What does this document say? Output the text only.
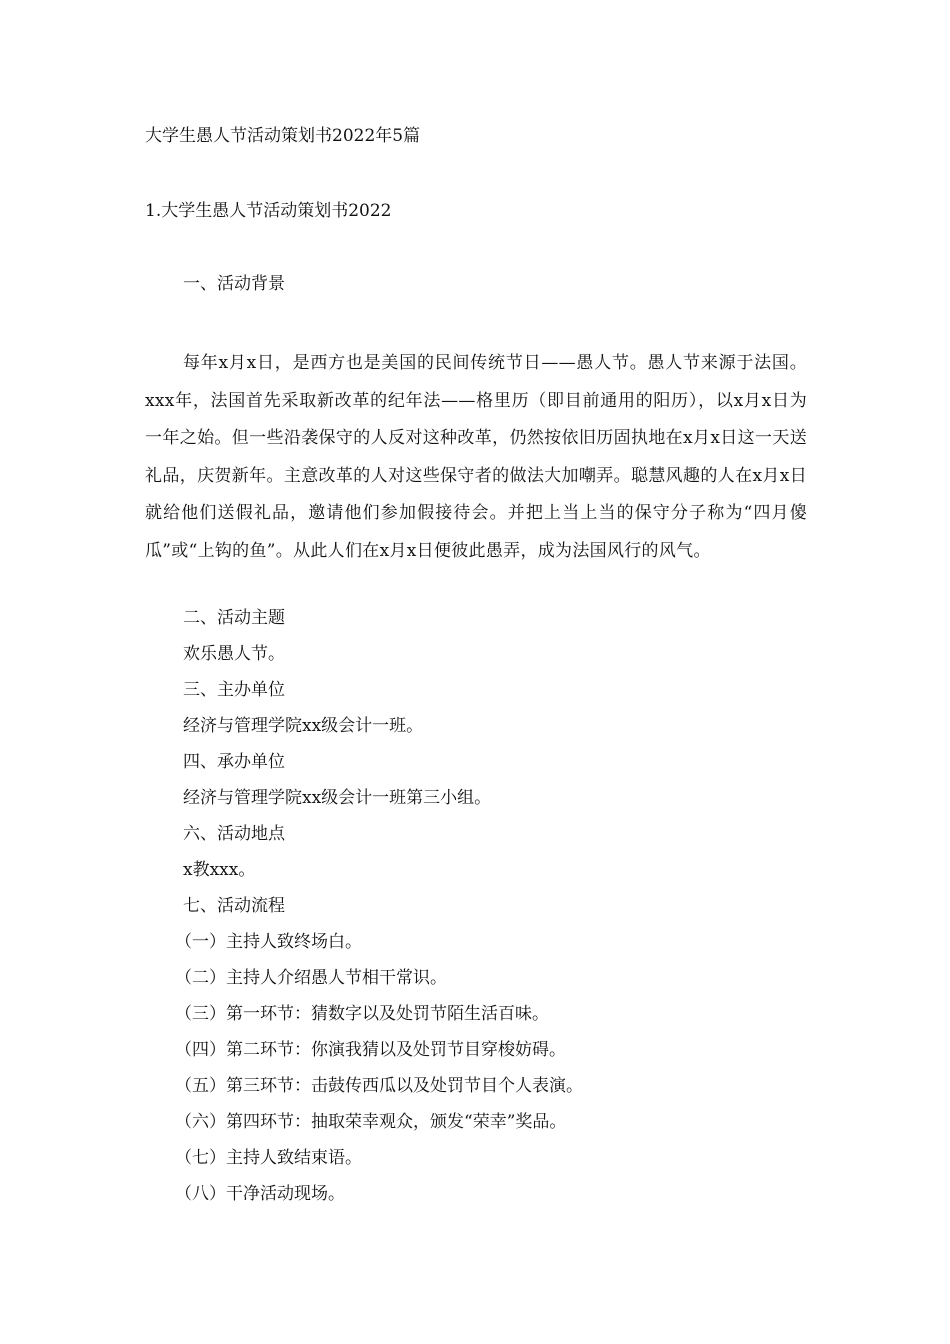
大学生愚人节活动策划书2022年5篇
1.大学生愚人节活动策划书2022
一、活动背景
每年x月x日，是西方也是美国的民间传统节日——愚人节。愚人节来源于法国。xxx年，法国首先采取新改革的纪年法——格里历（即目前通用的阳历），以x月x日为一年之始。但一些沿袭保守的人反对这种改革，仍然按依旧历固执地在x月x日这一天送礼品，庆贺新年。主意改革的人对这些保守者的做法大加嘲弄。聪慧风趣的人在x月x日就给他们送假礼品，邀请他们参加假接待会。并把上当上当的保守分子称为“四月傻瓜”或“上钩的鱼”。从此人们在x月x日便彼此愚弄，成为法国风行的风气。
二、活动主题
欢乐愚人节。
三、主办单位
经济与管理学院xx级会计一班。
四、承办单位
经济与管理学院xx级会计一班第三小组。
六、活动地点
x教xxx。
七、活动流程
（一）主持人致终场白。
（二）主持人介绍愚人节相干常识。
（三）第一环节：猜数字以及处罚节陌生活百味。
（四）第二环节：你演我猜以及处罚节目穿梭妨碍。
（五）第三环节：击鼓传西瓜以及处罚节目个人表演。
（六）第四环节：抽取荣幸观众，颁发“荣幸”奖品。
（七）主持人致结束语。
（八）干净活动现场。
